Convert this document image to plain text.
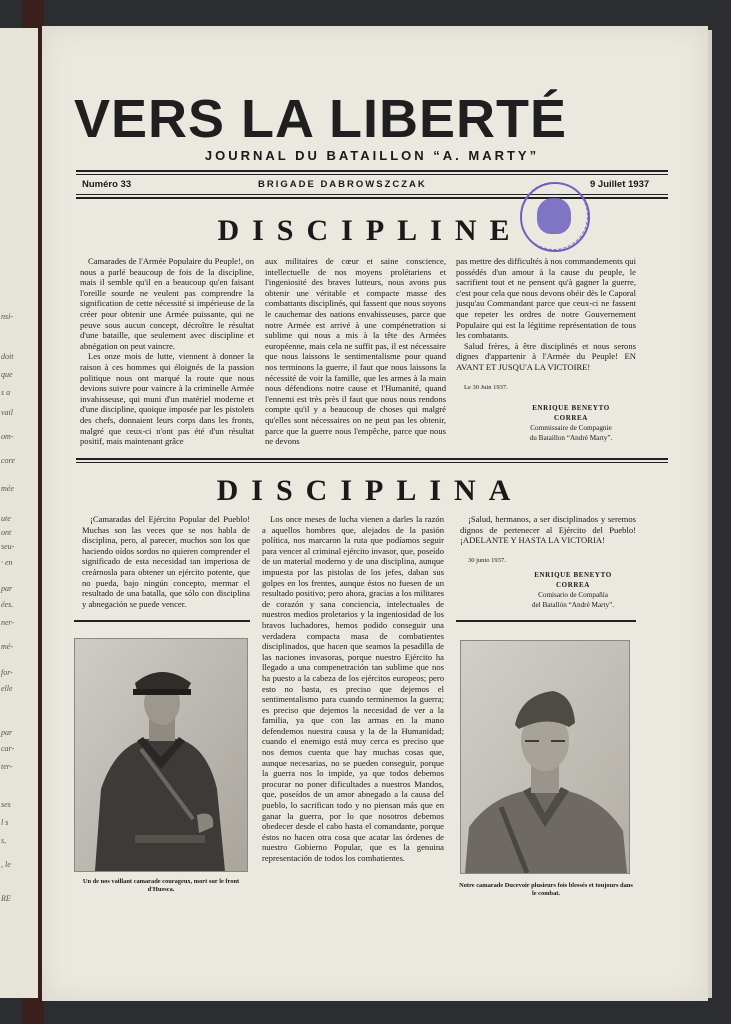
nsi-
doit
que
s a
vail
om-
core
mée
ute
ont
seu-
· en
par
ées.
ner-
mé-
for-
elle
par
car-
ter-
ses
l s
s,
, le
RE
VERS LA LIBERTÉ
JOURNAL DU BATAILLON “A. MARTY”
Numéro 33	BRIGADE DABROWSZCZAK	9 Juillet 1937
DISCIPLINE

Camarades de l'Armée Populaire du Peuple!, on nous a parlé beaucoup de fois de la discipline, mais il semble qu'il en a beaucoup qu'en faisant l'oreille sourde ne veulent pas comprendre la signification de cette nécessité si impérieuse de la créer pour obtenir une Armée puissante, qui ne peuve sous aucun concept, décroître le résultat d'une bataille, que seulement avec discipline et abnégation on peut vaincre.

Les onze mois de lutte, viennent à donner la raison à ces hommes qui éloignés de la passion politique nous ont marqué la route que nous devions suivre pour vaincre à la criminelle Armée invahisseuse, qui muni d'un matériel moderne et d'une discipline, quoique imposée par les pistolets des chefs, donnaient leurs corps dans les fronts, malgré que ceux-ci n'ont pas été d'un résultat positif, mais maintenant grâce

aux militaires de cœur et saine conscience, intellectuelle de nos moyens prolétariens et l'ingeniosité des braves lutteurs, nous avons pus obtenir une véritable et compacte masse des combattants disciplinés, qui fassent que nous soyons le cauchemar des nations envahisseuses, parce que notre Armée est arrivé à une compénetration si sublime qui nous a mis à la tête des Armées européenne, mais cela ne suffit pas, il est nécessaire que nous laissons le sentimentalisme pour quand nos terminons la guerre, il faut que nous laissons la nécessité de voir la famille, que les armes à la main nous défendions notre cause et l'Humanité, quand l'ennemi est très près il faut que nous nous rendons compte qu'il y a beaucoup de choses qui malgré qu'elles sont nécessaires on ne peut pas les obtenir, parce que la guerre nous l'empêche, parce que nous ne devons

pas mettre des difficultés à nos commandements qui possédés d'un amour à la cause du peuple, le sacrifient tout et ne pensent qu'à gagner la guerre, c'est pour cela que nous devons obéir dès le Caporal jusqu'au Commandant parce que ceux-ci ne fassent que repeter les ordres de notre Gouvernement Populaire qui est la légitime représentation de tous les combatants.

Salud frères, à être disciplinés et nous serons dignes d'appartenir à l'Armée du Peuple! EN AVANT ET JUSQU'A LA VICTOIRE!

Le 30 Juin 1937.
ENRIQUE BENEYTO
CORREA
Commissaire de Compagnie
du Bataillon “André Marty”.
DISCIPLINA

¡Camaradas del Ejército Popular del Pueblo! Muchas son las veces que se nos habla de disciplina, pero, al parecer, muchos son los que haciendo oídos sordos no quieren comprender el significado de esta necesidad tan imperiosa de creárnosla para obtener un ejército potente, que no pueda, bajo ningún concepto, mermar el resultado de una batalla, que sólo con disciplina y abnegación se puede vencer.

Los once meses de lucha vienen a darles la razón a aquellos hombres que, alejados de la pasión política, nos marcaron la ruta que podíamos seguir para vencer al criminal ejército invasor, que, poseído de un material moderno y de una disciplina, aunque impuesta por las pistolas de los jefes, daban sus golpes en los frentes, aunque éstos no fuesen de un resultado positivo; pero ahora, gracias a los militares de corazón y sana conciencia, intelectuales de nuestros medios proletarios y la ingeniosidad de los bravos luchadores, hemos podido conseguir una verdadera compacta masa de combatientes disciplinados, que hacen que seamos la pesadilla de las naciones invasoras, porque nuestro Ejército ha llegado a una compenetración tan sublime que nos ha puesto a la cabeza de los ejércitos europeos; pero esto no basta, es preciso que dejemos el sentimentalismo para cuando terminemos la guerra; es preciso que dejemos la necesidad de ver a la familia, ya que con las armas en la mano defendemos nuestra causa y la de la Humanidad; cuando el enemigo está muy cerca es preciso que nos demos cuenta que hay muchas cosas que, aunque necesarias, no se pueden conseguir, porque la guerra nos lo impide, ya que todos debemos procurar no poner dificultades a nuestros Mandos, que, poseídos de un amor abnegado a la causa del pueblo, lo sacrifican todo y no piensan más que en ganar la guerra, por lo que nosotros debemos obedecer desde el cabo hasta el comandante, porque éstos no hacen otra cosa que acatar las órdenes de nuestro Gobierno Popular, que es la genuina representación de todos los combatientes.

¡Salud, hermanos, a ser disciplinados y seremos dignos de pertenecer al Ejército del Pueblo! ¡ADELANTE Y HASTA LA VICTORIA!

30 junio 1937.
ENRIQUE BENEYTO
CORREA
Comisario de Compañía
del Batallón “André Marty”.
Un de nos vaillant camarade courageux, mort sur le front d'Huesca.
Notre camarade Ducevoir plusieurs fois blessés et toujours dans le combat.
